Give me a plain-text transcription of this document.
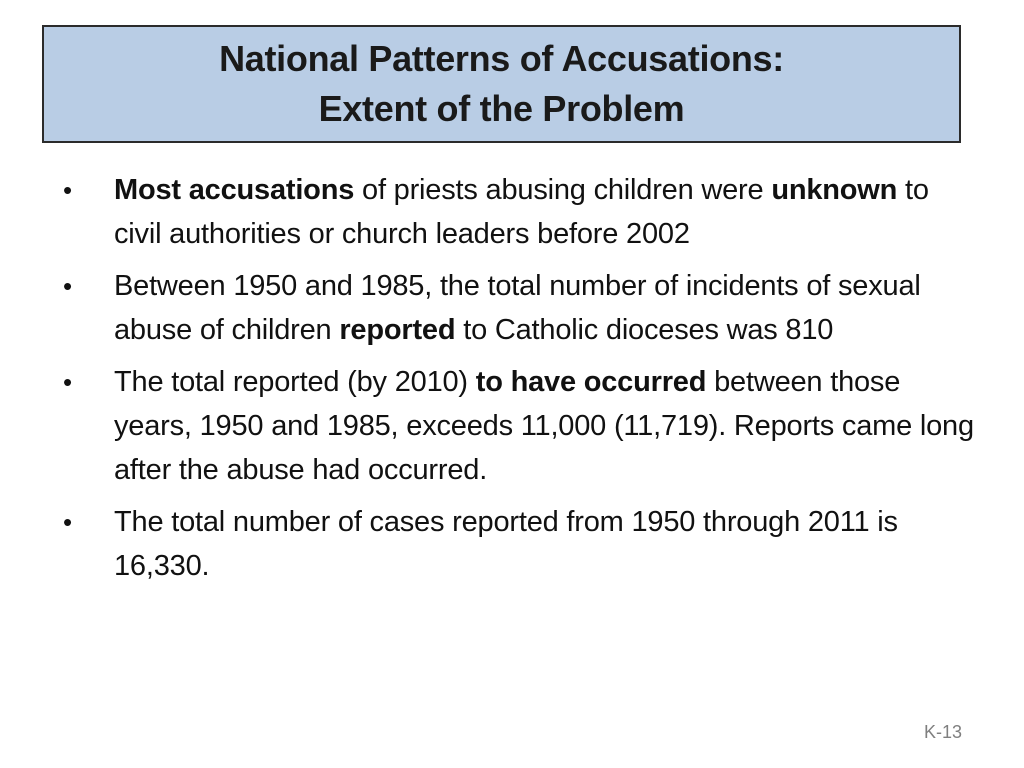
National Patterns of Accusations:
Extent of the Problem
• Most accusations of priests abusing children were unknown to civil authorities or church leaders before 2002
• Between 1950 and 1985, the total number of incidents of sexual abuse of children reported to Catholic dioceses was 810
• The total reported (by 2010) to have occurred between those years, 1950 and 1985, exceeds 11,000 (11,719). Reports came long after the abuse had occurred.
• The total number of cases reported from 1950 through 2011 is 16,330.
K-13
